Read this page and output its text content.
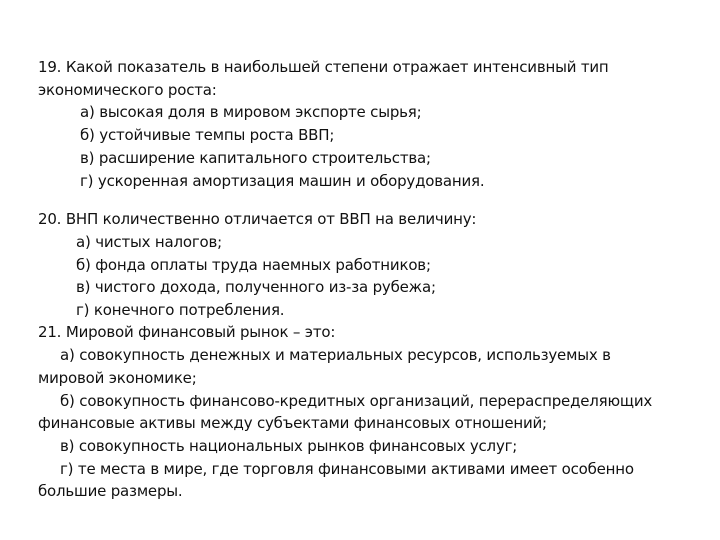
19. Какой показатель в наибольшей степени отражает интенсивный тип
экономического роста:
а) высокая доля в мировом экспорте сырья;
б) устойчивые темпы роста ВВП;
в) расширение капитального строительства;
г) ускоренная амортизация машин и оборудования.
20. ВНП количественно отличается от ВВП на величину:
а) чистых налогов;
б) фонда оплаты труда наемных работников;
в) чистого дохода, полученного из-за рубежа;
г) конечного потребления.
21. Мировой финансовый рынок – это:
а) совокупность денежных и материальных ресурсов, используемых в
мировой экономике;
б) совокупность финансово-кредитных организаций, перераспределяющих
финансовые активы между субъектами финансовых отношений;
в) совокупность национальных рынков финансовых услуг;
г) те места в мире, где торговля финансовыми активами имеет особенно
большие размеры.
